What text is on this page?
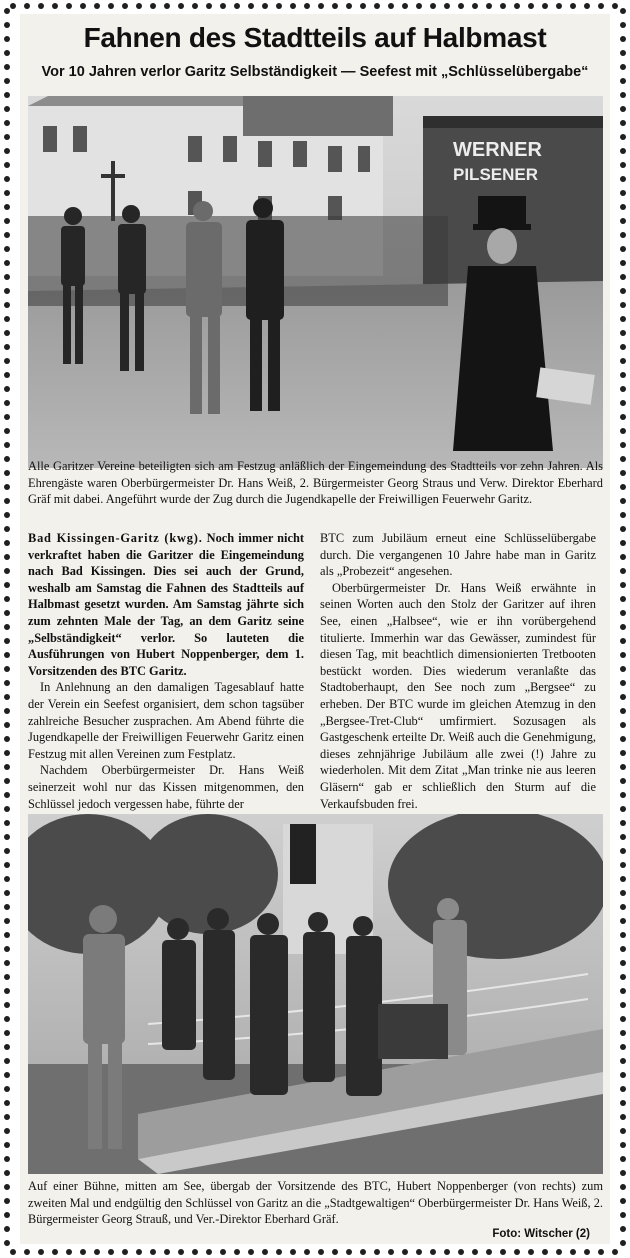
Fahnen des Stadtteils auf Halbmast
Vor 10 Jahren verlor Garitz Selbständigkeit — Seefest mit „Schlüsselübergabe“
WERNER
PILSENER
Alle Garitzer Vereine beteiligten sich am Festzug anläßlich der Eingemeindung des Stadtteils vor zehn Jahren. Als Ehrengäste waren Oberbürgermeister Dr. Hans Weiß, 2. Bürgermeister Georg Straus und Verw. Direktor Eberhard Gräf mit dabei. Angeführt wurde der Zug durch die Jugendkapelle der Freiwilligen Feuerwehr Garitz.

Bad Kissingen-Garitz (kwg). Noch immer nicht verkraftet haben die Garitzer die Eingemeindung nach Bad Kissingen. Dies sei auch der Grund, weshalb am Samstag die Fahnen des Stadtteils auf Halbmast gesetzt wurden. Am Samstag jährte sich zum zehnten Male der Tag, an dem Garitz seine „Selbständigkeit“ verlor. So lauteten die Ausführungen von Hubert Noppenberger, dem 1. Vorsitzenden des BTC Garitz.

In Anlehnung an den damaligen Tagesablauf hatte der Verein ein Seefest organisiert, dem schon tagsüber zahlreiche Besucher zusprachen. Am Abend führte die Jugendkapelle der Freiwilligen Feuerwehr Garitz einen Festzug mit allen Vereinen zum Festplatz.

Nachdem Oberbürgermeister Dr. Hans Weiß seinerzeit wohl nur das Kissen mitgenommen, den Schlüssel jedoch vergessen habe, führte der

BTC zum Jubiläum erneut eine Schlüsselübergabe durch. Die vergangenen 10 Jahre habe man in Garitz als „Probezeit“ angesehen.

Oberbürgermeister Dr. Hans Weiß erwähnte in seinen Worten auch den Stolz der Garitzer auf ihren See, einen „Halbsee“, wie er ihn vorübergehend titulierte. Immerhin war das Gewässer, zumindest für diesen Tag, mit beachtlich dimensionierten Tretbooten bestückt worden. Dies wiederum veranlaßte das Stadtoberhaupt, den See noch zum „Bergsee“ zu erheben. Der BTC wurde im gleichen Atemzug in den „Bergsee-Tret-Club“ umfirmiert. Sozusagen als Gastgeschenk erteilte Dr. Weiß auch die Genehmigung, dieses zehnjährige Jubiläum alle zwei (!) Jahre zu wiederholen. Mit dem Zitat „Man trinke nie aus leeren Gläsern“ gab er schließlich den Sturm auf die Verkaufsbuden frei.

Auf einer Bühne, mitten am See, übergab der Vorsitzende des BTC, Hubert Noppenberger (von rechts) zum zweiten Mal und endgültig den Schlüssel von Garitz an die „Stadtgewaltigen“ Oberbürgermeister Dr. Hans Weiß, 2. Bürgermeister Georg Strauß, und Ver.-Direktor Eberhard Gräf.
Foto: Witscher (2)
